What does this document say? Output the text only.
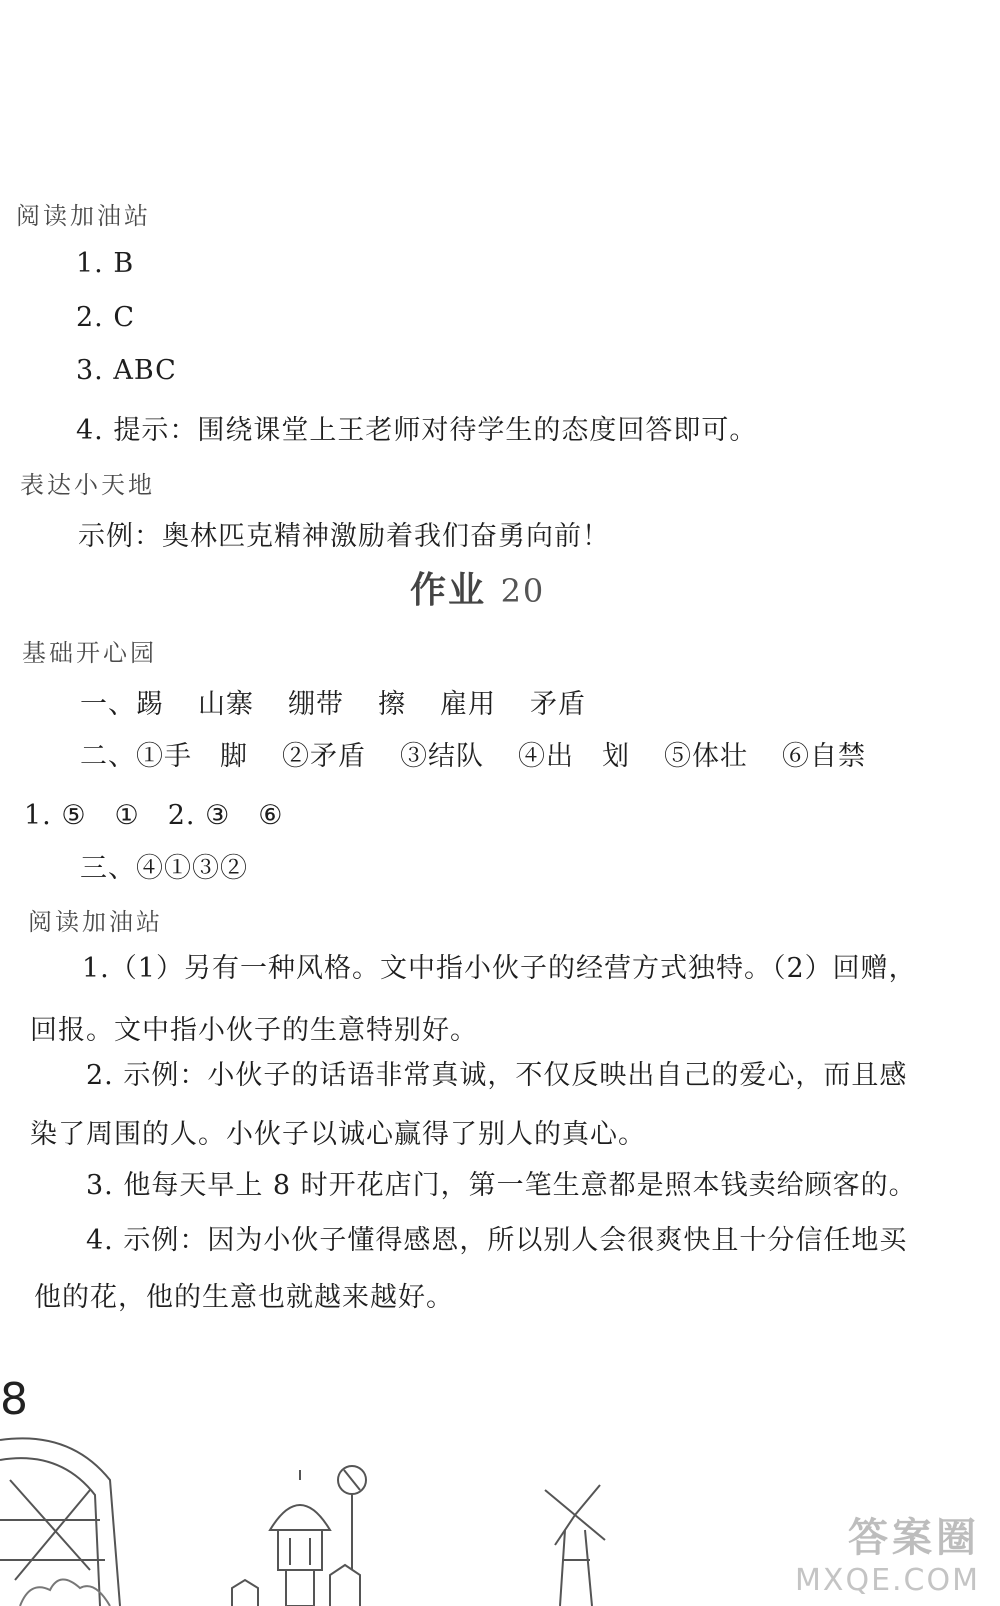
阅读加油站
1. B
2. C
3. ABC
4. 提示：围绕课堂上王老师对待学生的态度回答即可。
表达小天地
示例：奥林匹克精神激励着我们奋勇向前！
作业 20
基础开心园
一、踢 山寨 绷带 擦 雇用 矛盾
二、①手　脚 ②矛盾 ③结队 ④出　划 ⑤体壮 ⑥自禁
1. ⑤　①　2. ③　⑥
三、④①③②
阅读加油站
1.（1）另有一种风格。文中指小伙子的经营方式独特。（2）回赠，
回报。文中指小伙子的生意特别好。
2. 示例：小伙子的话语非常真诚，不仅反映出自己的爱心，而且感
染了周围的人。小伙子以诚心赢得了别人的真心。
3. 他每天早上 8 时开花店门，第一笔生意都是照本钱卖给顾客的。
4. 示例：因为小伙子懂得感恩，所以别人会很爽快且十分信任地买
他的花，他的生意也就越来越好。
8
答案圈
MXQE.COM
